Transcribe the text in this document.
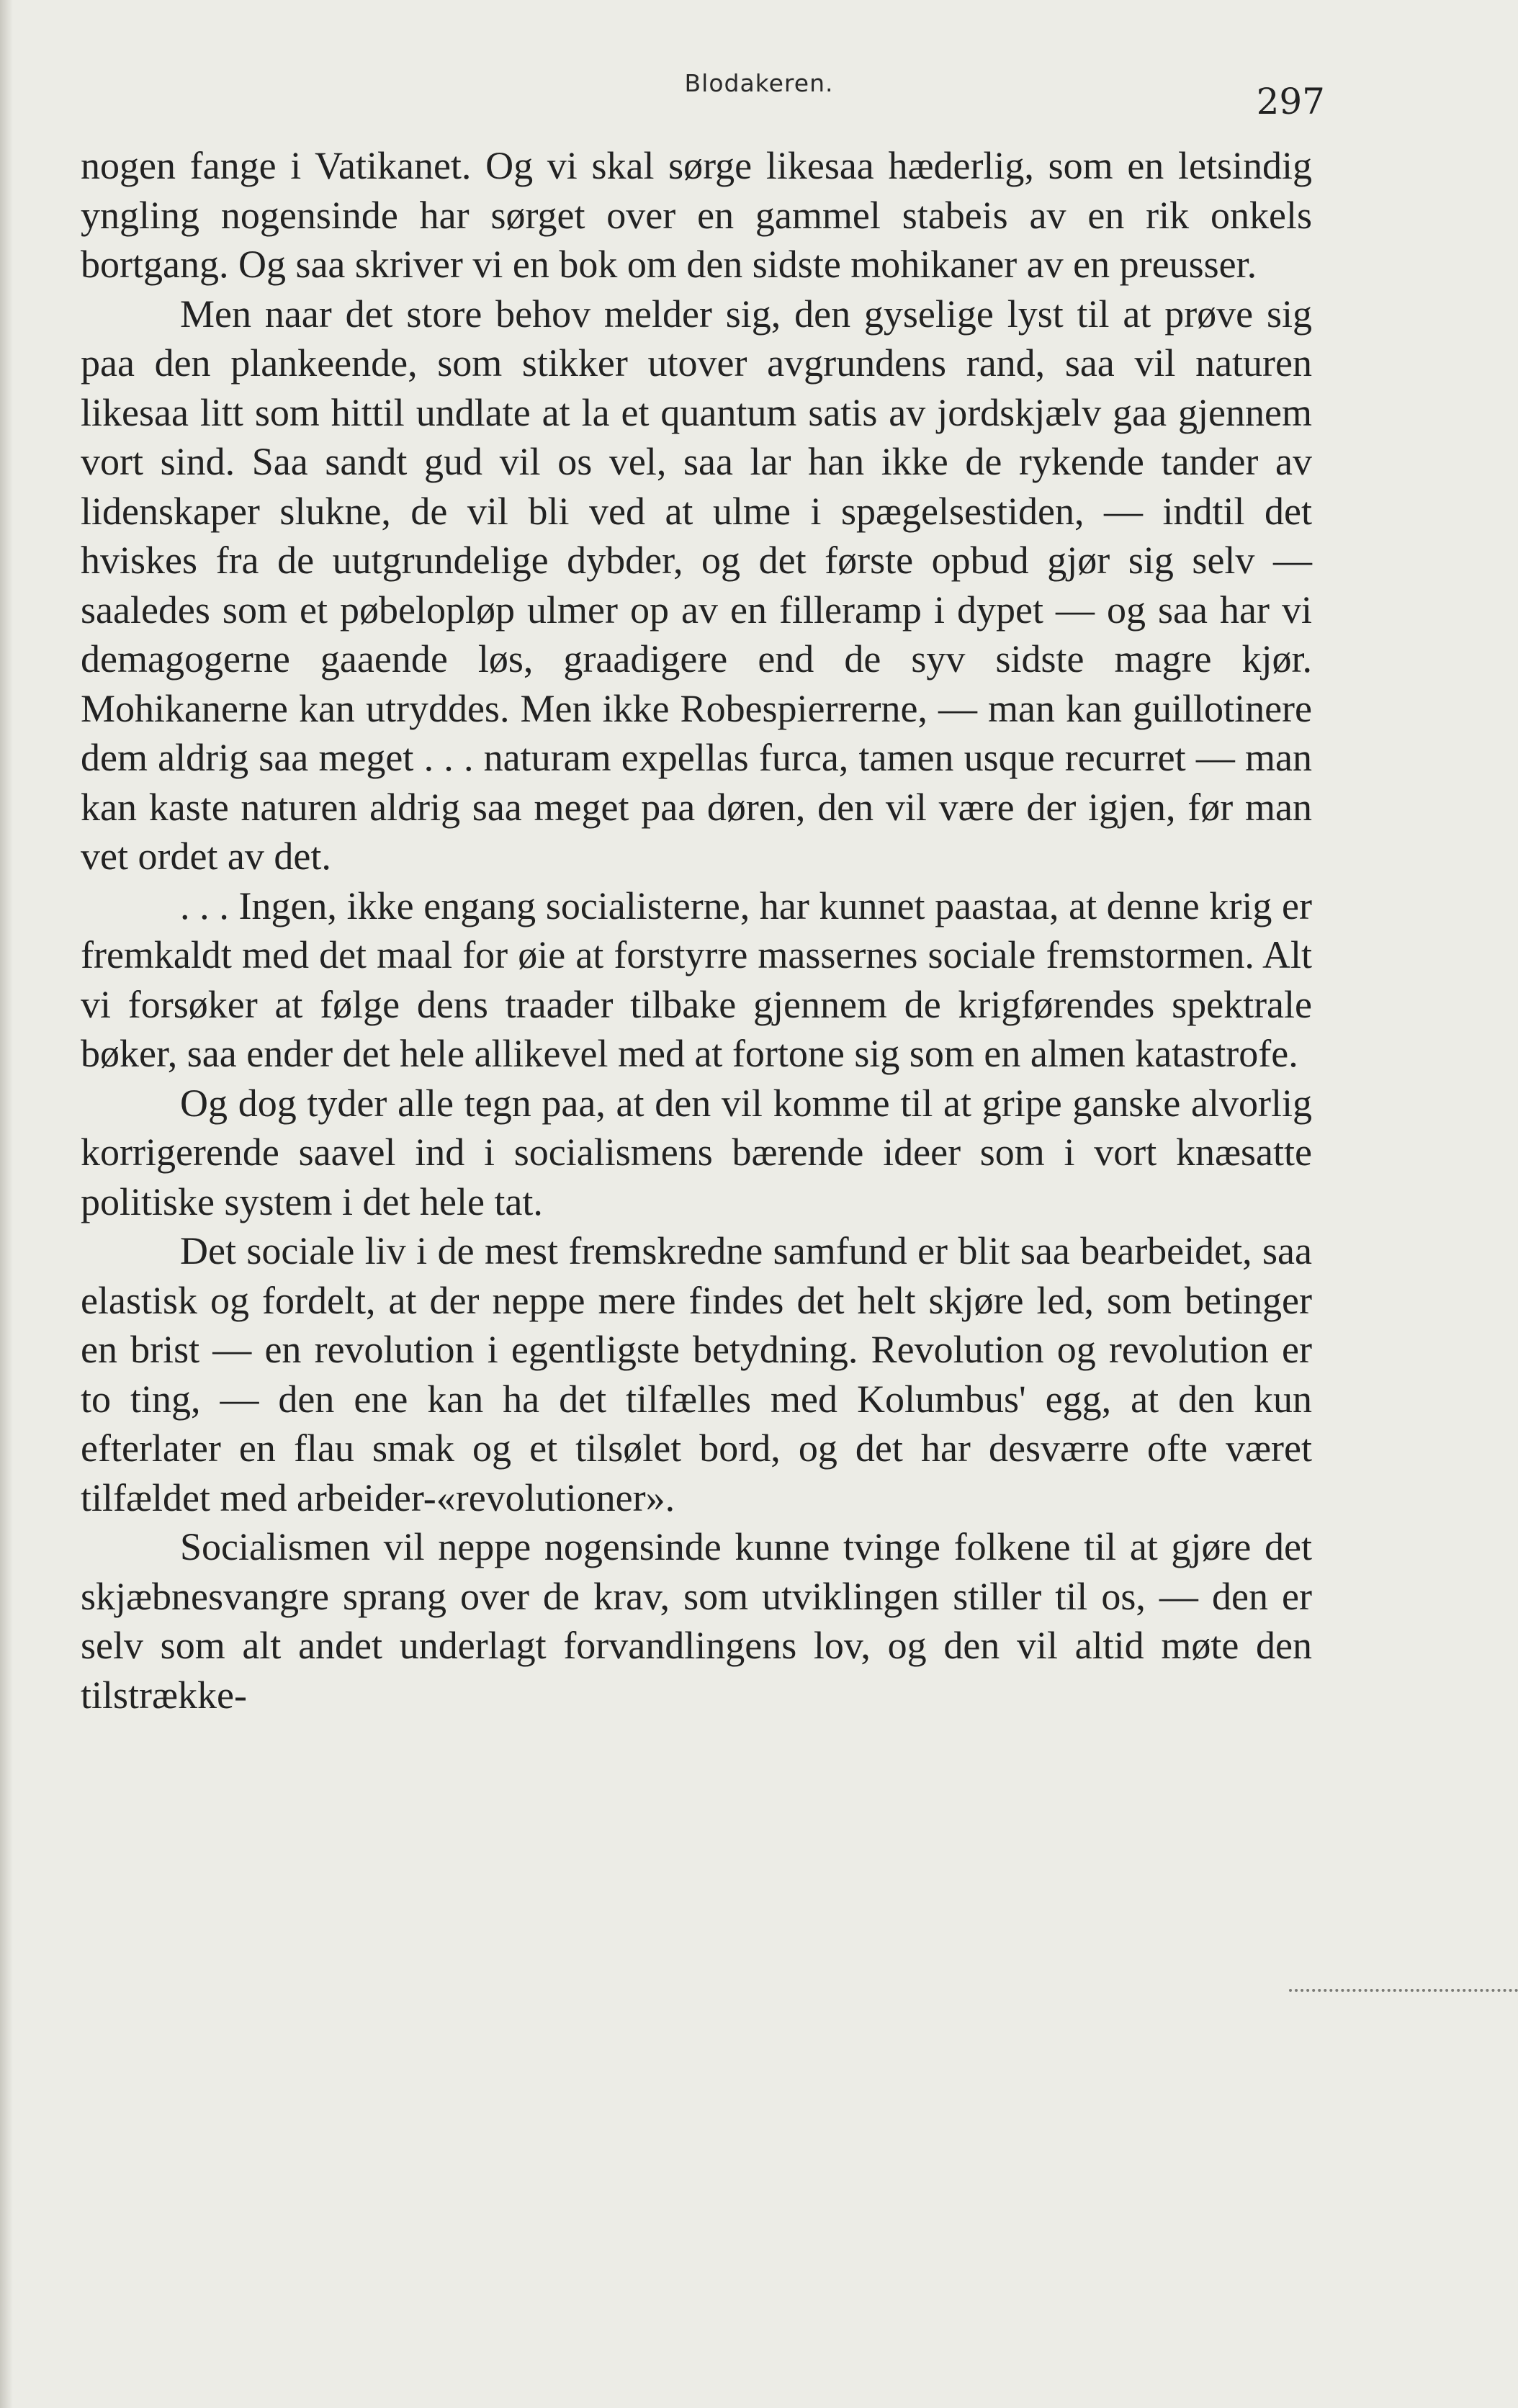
Blodakeren.	297

nogen fange i Vatikanet. Og vi skal sørge likesaa hæderlig, som en letsindig yngling nogensinde har sørget over en gammel stabeis av en rik onkels bortgang. Og saa skriver vi en bok om den sidste mohikaner av en preusser.

Men naar det store behov melder sig, den gyselige lyst til at prøve sig paa den plankeende, som stikker utover avgrundens rand, saa vil naturen likesaa litt som hittil undlate at la et quantum satis av jordskjælv gaa gjennem vort sind. Saa sandt gud vil os vel, saa lar han ikke de rykende tander av lidenskaper slukne, de vil bli ved at ulme i spægelsestiden, — indtil det hviskes fra de uutgrundelige dybder, og det første opbud gjør sig selv — saaledes som et pøbelopløp ulmer op av en filleramp i dypet — og saa har vi demagogerne gaaende løs, graadigere end de syv sidste magre kjør. Mohikanerne kan utryddes. Men ikke Robespierrerne, — man kan guillotinere dem aldrig saa meget . . . naturam expellas furca, tamen usque recurret — man kan kaste naturen aldrig saa meget paa døren, den vil være der igjen, før man vet ordet av det.

. . . Ingen, ikke engang socialisterne, har kunnet paastaa, at denne krig er fremkaldt med det maal for øie at forstyrre massernes sociale fremstormen. Alt vi forsøker at følge dens traader tilbake gjennem de krigførendes spektrale bøker, saa ender det hele allikevel med at fortone sig som en almen katastrofe.

Og dog tyder alle tegn paa, at den vil komme til at gripe ganske alvorlig korrigerende saavel ind i socialismens bærende ideer som i vort knæsatte politiske system i det hele tat.

Det sociale liv i de mest fremskredne samfund er blit saa bearbeidet, saa elastisk og fordelt, at der neppe mere findes det helt skjøre led, som betinger en brist — en revolution i egentligste betydning. Revolution og revolution er to ting, — den ene kan ha det tilfælles med Kolumbus' egg, at den kun efterlater en flau smak og et tilsølet bord, og det har desværre ofte været tilfældet med arbeider-«revolutioner».

Socialismen vil neppe nogensinde kunne tvinge folkene til at gjøre det skjæbnesvangre sprang over de krav, som utviklingen stiller til os, — den er selv som alt andet underlagt forvandlingens lov, og den vil altid møte den tilstrække-
